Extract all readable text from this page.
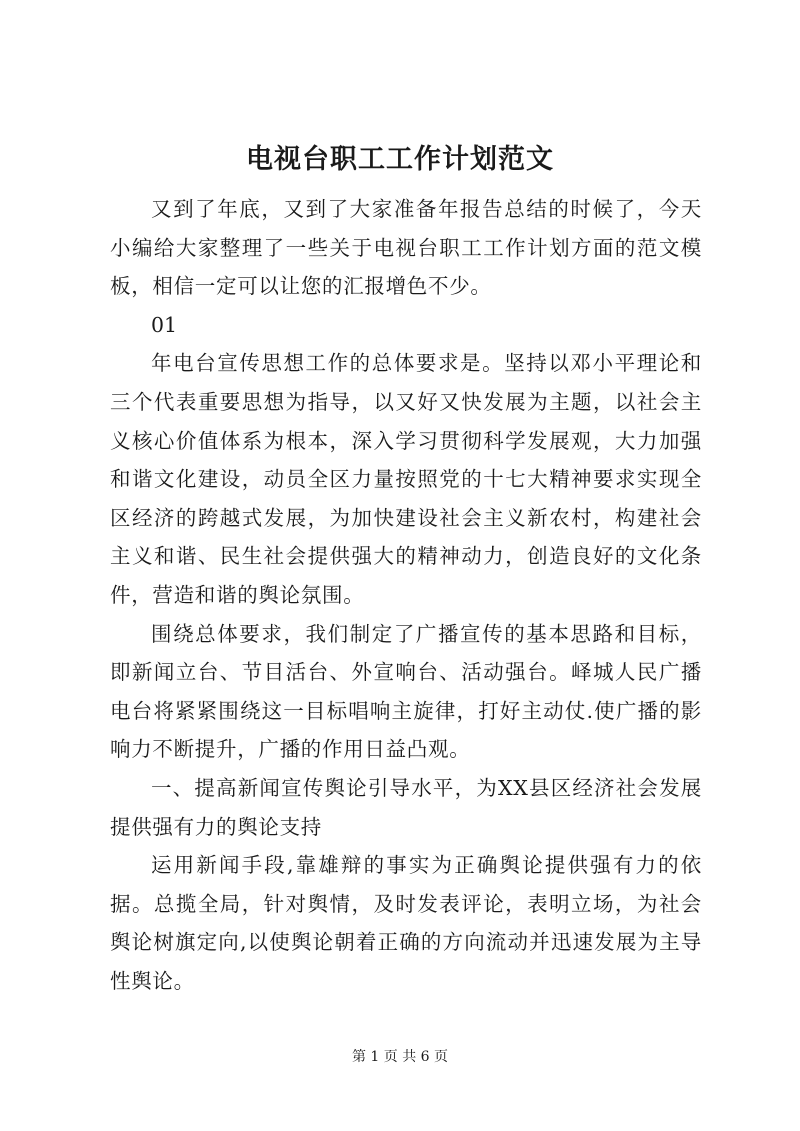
电视台职工工作计划范文

又到了年底，又到了大家准备年报告总结的时候了，今天小编给大家整理了一些关于电视台职工工作计划方面的范文模板，相信一定可以让您的汇报增色不少。

01

年电台宣传思想工作的总体要求是。坚持以邓小平理论和三个代表重要思想为指导，以又好又快发展为主题，以社会主义核心价值体系为根本，深入学习贯彻科学发展观，大力加强和谐文化建设，动员全区力量按照党的十七大精神要求实现全区经济的跨越式发展，为加快建设社会主义新农村，构建社会主义和谐、民生社会提供强大的精神动力，创造良好的文化条件，营造和谐的舆论氛围。

围绕总体要求，我们制定了广播宣传的基本思路和目标，即新闻立台、节目活台、外宣响台、活动强台。峄城人民广播电台将紧紧围绕这一目标唱响主旋律，打好主动仗.使广播的影响力不断提升，广播的作用日益凸观。

一、提高新闻宣传舆论引导水平，为XX县区经济社会发展提供强有力的舆论支持

运用新闻手段,靠雄辩的事实为正确舆论提供强有力的依据。总揽全局，针对舆情，及时发表评论，表明立场，为社会舆论树旗定向,以使舆论朝着正确的方向流动并迅速发展为主导性舆论。

第 1 页 共 6 页
